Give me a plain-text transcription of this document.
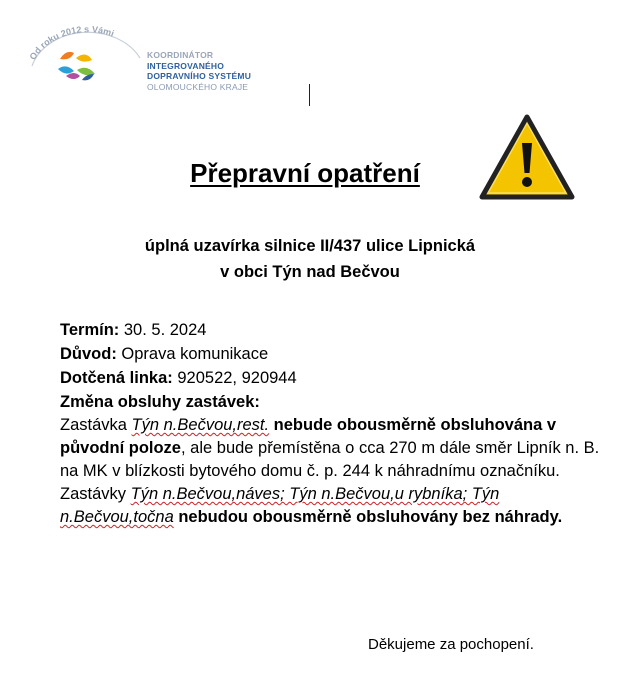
Od roku 2012 s Vámi
KOORDINÁTOR
INTEGROVANÉHO
DOPRAVNÍHO SYSTÉMU
OLOMOUCKÉHO KRAJE
Přepravní opatření
úplná uzavírka silnice II/437 ulice Lipnická
v obci Týn nad Bečvou
Termín: 30. 5. 2024
Důvod: Oprava komunikace
Dotčená linka: 920522, 920944
Změna obsluhy zastávek:
Zastávka Týn n.Bečvou,rest. nebude obousměrně obsluhována v původní poloze, ale bude přemístěna o cca 270 m dále směr Lipník n. B. na MK v blízkosti bytového domu č. p. 244 k náhradnímu označníku.
Zastávky Týn n.Bečvou,náves; Týn n.Bečvou,u rybníka; Týn n.Bečvou,točna nebudou obousměrně obsluhovány bez náhrady.
Děkujeme za pochopení.
